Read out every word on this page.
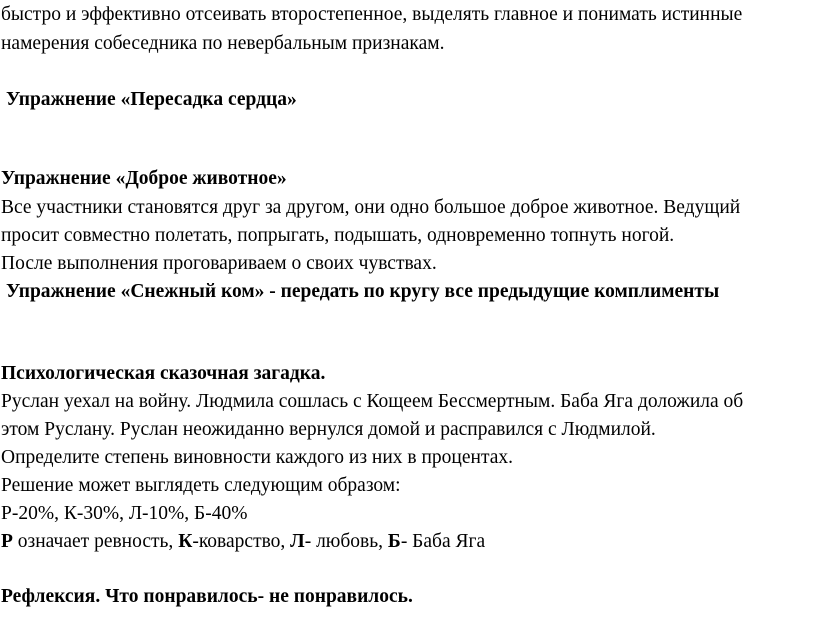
быстро и эффективно отсеивать второстепенное, выделять главное и понимать истинные
намерения собеседника по невербальным признакам.
Упражнение «Пересадка сердца»
Упражнение «Доброе животное»
Все участники становятся друг за другом, они одно большое доброе животное. Ведущий
просит совместно полетать, попрыгать, подышать, одновременно топнуть ногой.
После выполнения проговариваем о своих чувствах.
Упражнение «Снежный ком» - передать по кругу все предыдущие комплименты
Психологическая сказочная загадка.
Руслан уехал на войну. Людмила сошлась с Кощеем Бессмертным. Баба Яга доложила об
этом Руслану. Руслан неожиданно вернулся домой и расправился с Людмилой.
Определите степень виновности каждого из них в процентах.
Решение может выглядеть следующим образом:
Р-20%, К-30%, Л-10%, Б-40%
Р означает ревность, К-коварство, Л- любовь, Б- Баба Яга
Рефлексия. Что понравилось- не понравилось.
